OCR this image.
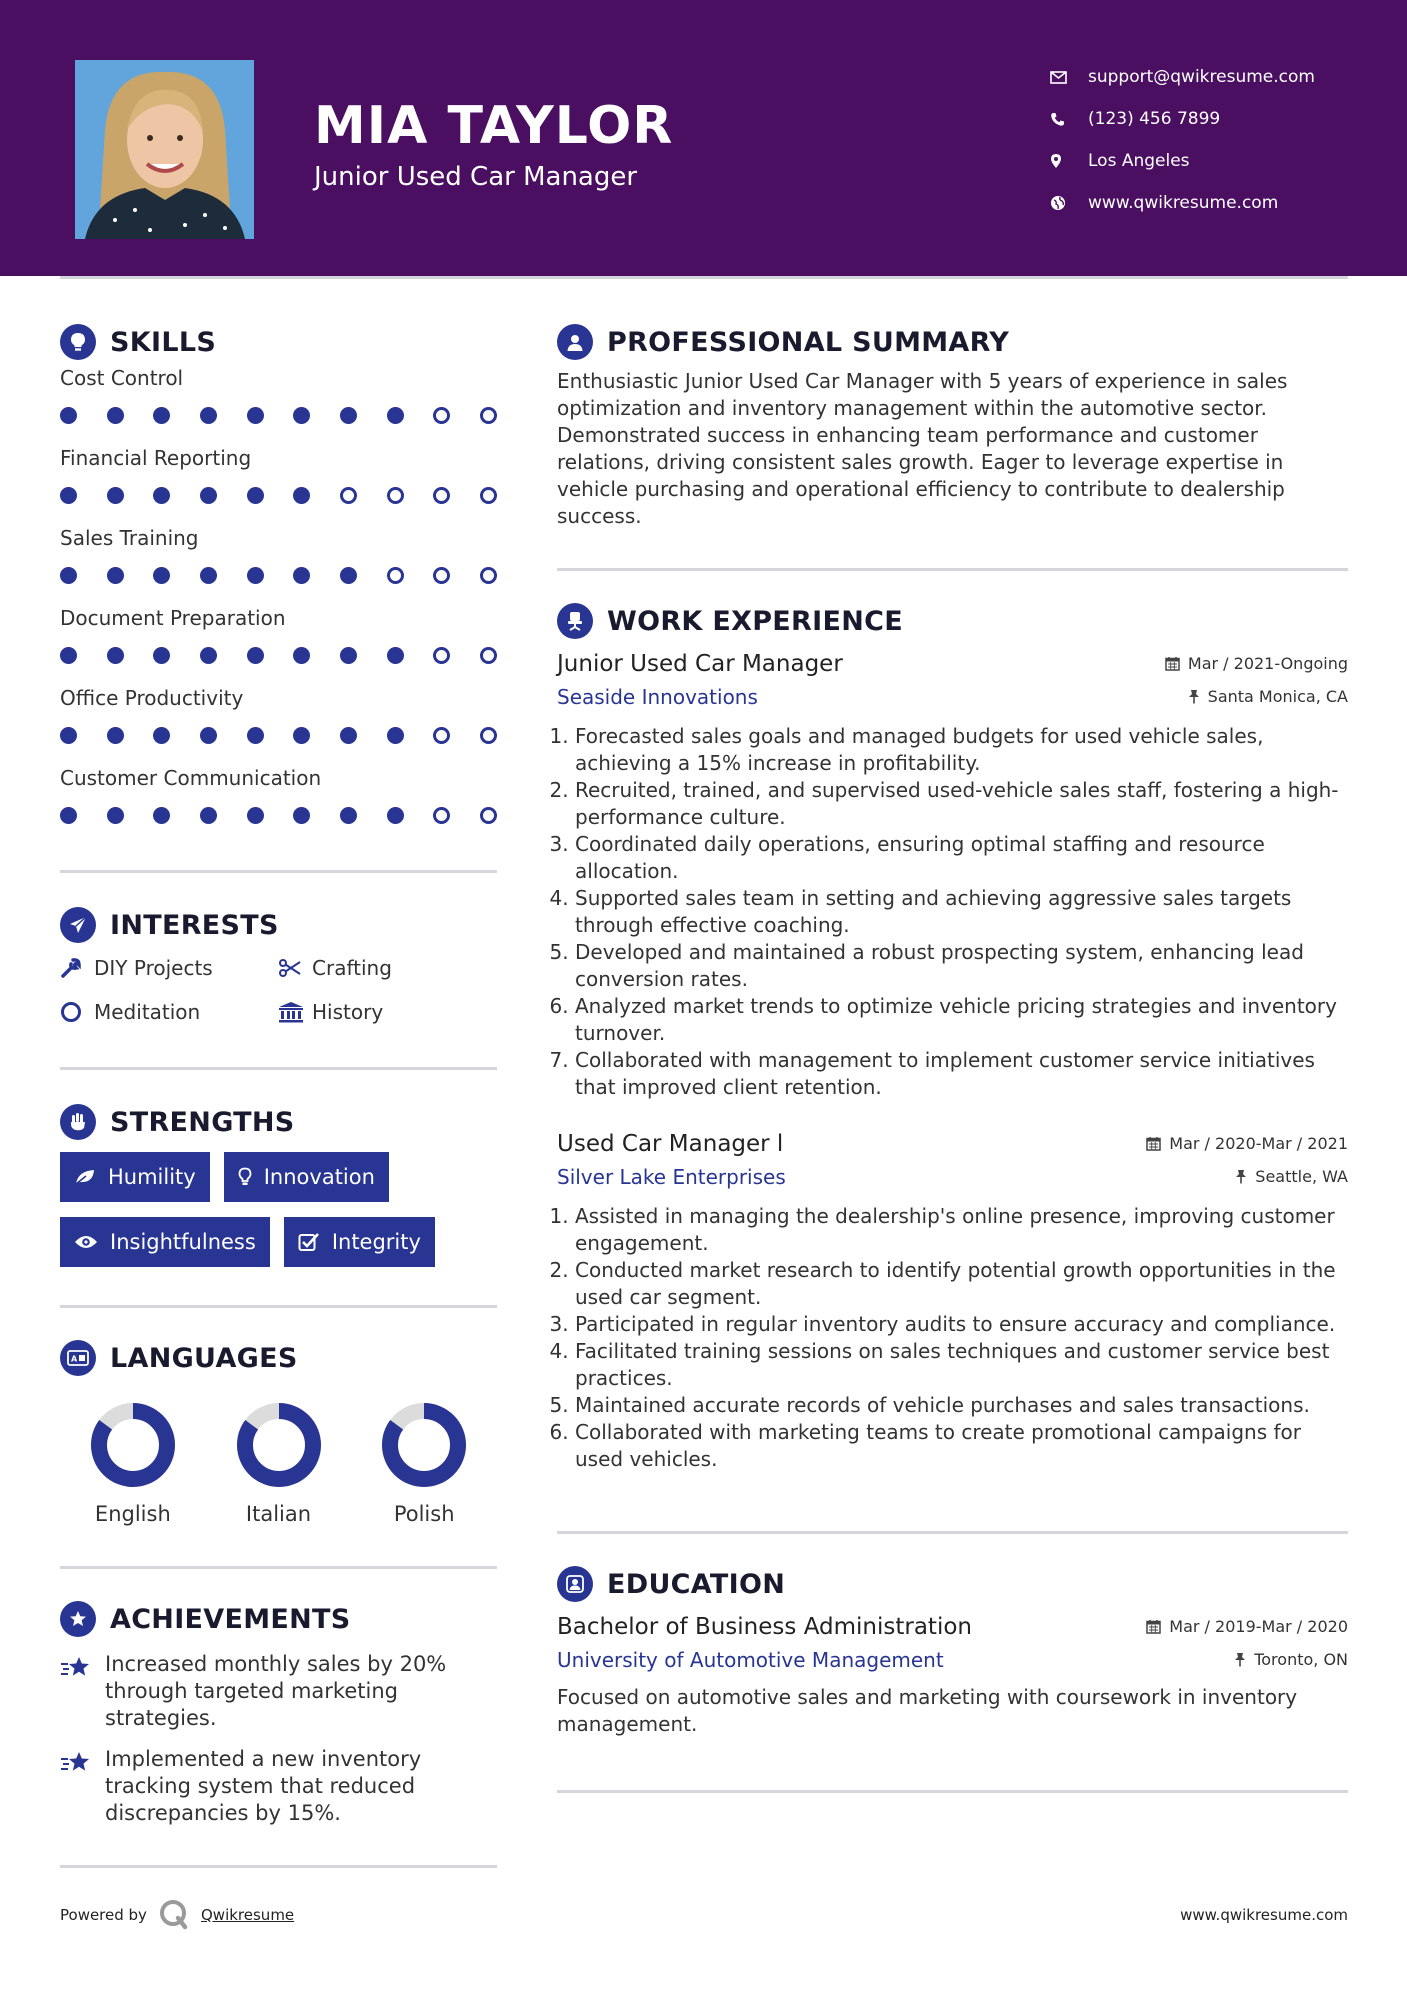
MIA TAYLOR
Junior Used Car Manager
support@qwikresume.com
(123) 456 7899
Los Angeles
www.qwikresume.com
SKILLS
Cost Control
Financial Reporting
Sales Training
Document Preparation
Office Productivity
Customer Communication
INTERESTS
DIY Projects	Crafting
Meditation	History
STRENGTHS
Humility	Innovation
Insightfulness	Integrity
A LANGUAGES
English	Italian	Polish
ACHIEVEMENTS
Increased monthly sales by 20% through targeted marketing strategies.
Implemented a new inventory tracking system that reduced discrepancies by 15%.
PROFESSIONAL SUMMARY
Enthusiastic Junior Used Car Manager with 5 years of experience in sales optimization and inventory management within the automotive sector. Demonstrated success in enhancing team performance and customer relations, driving consistent sales growth. Eager to leverage expertise in vehicle purchasing and operational efficiency to contribute to dealership success.
WORK EXPERIENCE
Junior Used Car Manager	Mar / 2021-Ongoing
Seaside Innovations	Santa Monica, CA
1. Forecasted sales goals and managed budgets for used vehicle sales, achieving a 15% increase in profitability.
2. Recruited, trained, and supervised used-vehicle sales staff, fostering a high-performance culture.
3. Coordinated daily operations, ensuring optimal staffing and resource allocation.
4. Supported sales team in setting and achieving aggressive sales targets through effective coaching.
5. Developed and maintained a robust prospecting system, enhancing lead conversion rates.
6. Analyzed market trends to optimize vehicle pricing strategies and inventory turnover.
7. Collaborated with management to implement customer service initiatives that improved client retention.
Used Car Manager l	Mar / 2020-Mar / 2021
Silver Lake Enterprises	Seattle, WA
1. Assisted in managing the dealership's online presence, improving customer engagement.
2. Conducted market research to identify potential growth opportunities in the used car segment.
3. Participated in regular inventory audits to ensure accuracy and compliance.
4. Facilitated training sessions on sales techniques and customer service best practices.
5. Maintained accurate records of vehicle purchases and sales transactions.
6. Collaborated with marketing teams to create promotional campaigns for used vehicles.
EDUCATION
Bachelor of Business Administration	Mar / 2019-Mar / 2020
University of Automotive Management	Toronto, ON
Focused on automotive sales and marketing with coursework in inventory management.
Powered by	Qwikresume	www.qwikresume.com
